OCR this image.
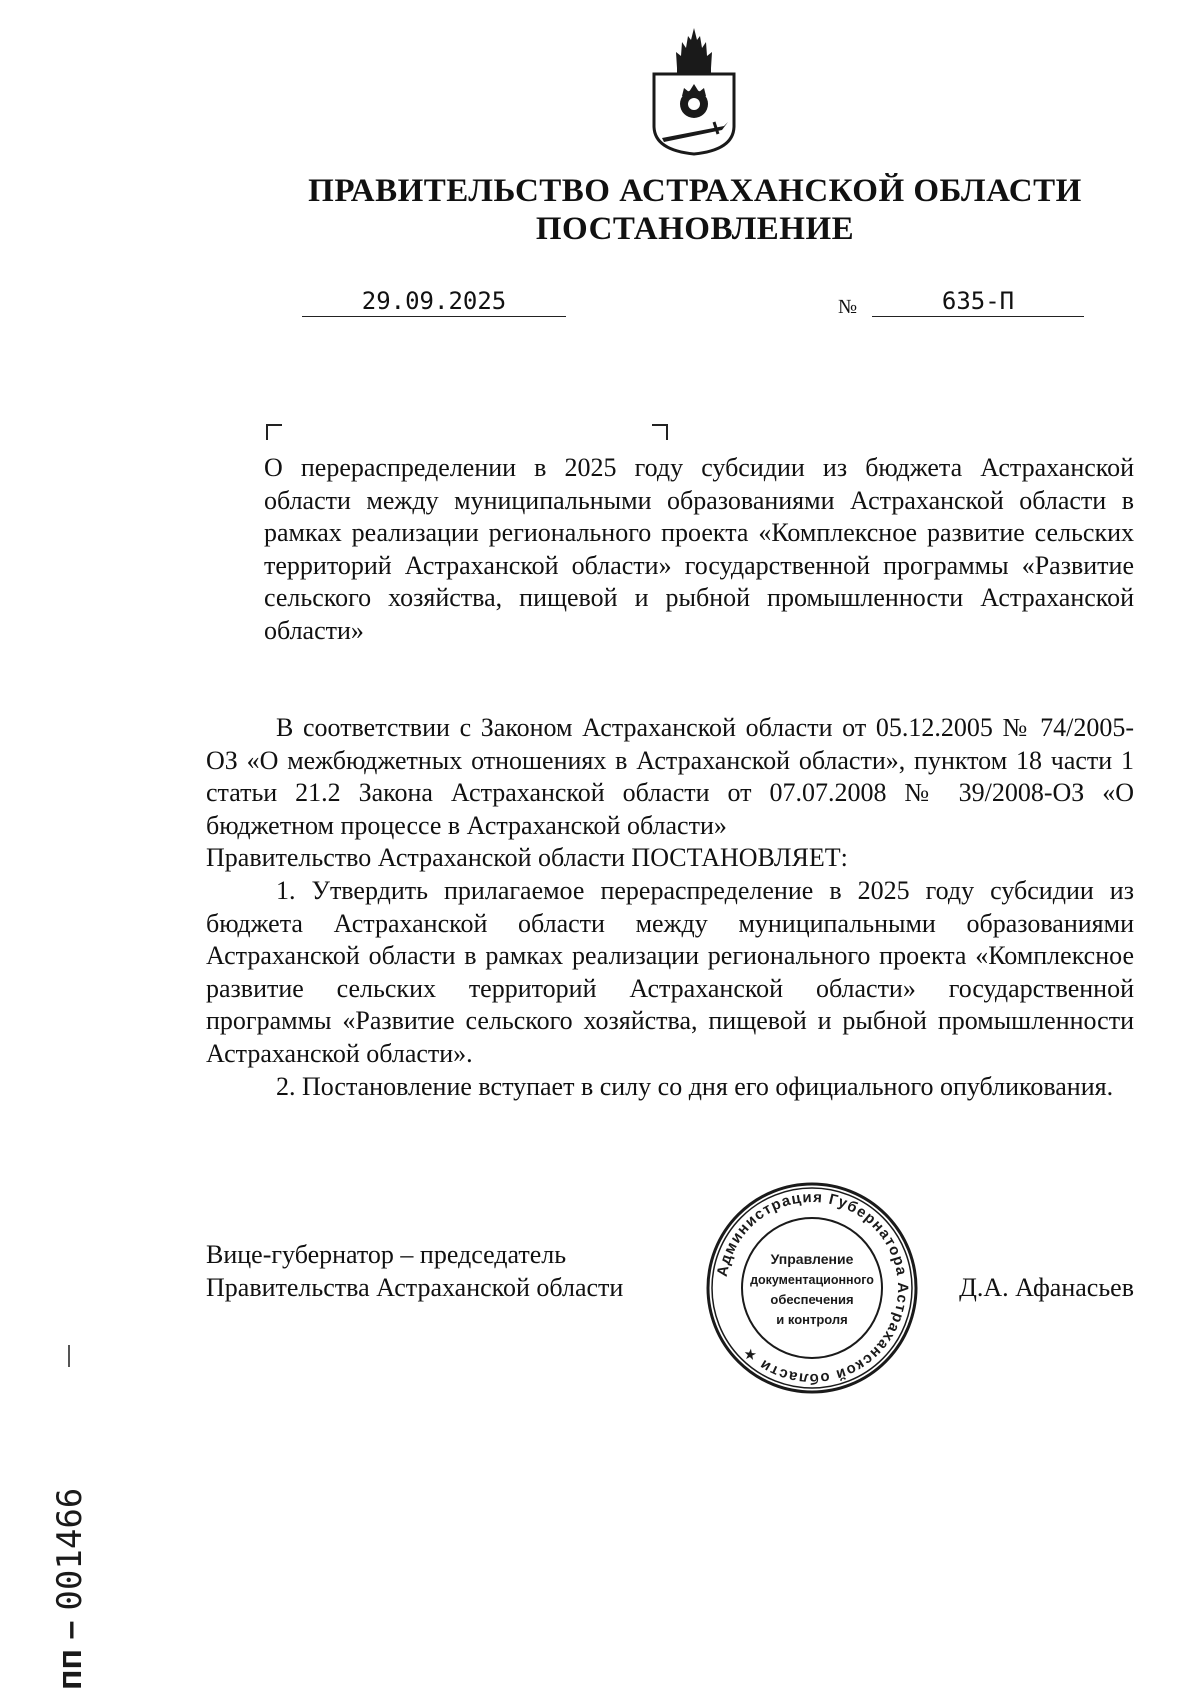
ПРАВИТЕЛЬСТВО АСТРАХАНСКОЙ ОБЛАСТИ
ПОСТАНОВЛЕНИЕ
29.09.2025	№	635-П
О перераспределении в 2025 году субсидии из бюджета Астраханской области между муниципальными образованиями Астраханской области в рамках реализации регионального проекта «Комплексное развитие сельских территорий Астраханской области» государственной программы «Развитие сельского хозяйства, пищевой и рыбной промышленности Астраханской области»

В соответствии с Законом Астраханской области от 05.12.2005 № 74/2005-ОЗ «О межбюджетных отношениях в Астраханской области», пунктом 18 части 1 статьи 21.2 Закона Астраханской области от 07.07.2008 № 39/2008-ОЗ «О бюджетном процессе в Астраханской области»

Правительство Астраханской области ПОСТАНОВЛЯЕТ:

1. Утвердить прилагаемое перераспределение в 2025 году субсидии из бюджета Астраханской области между муниципальными образованиями Астраханской области в рамках реализации регионального проекта «Комплексное развитие сельских территорий Астраханской области» государственной программы «Развитие сельского хозяйства, пищевой и рыбной промышленности Астраханской области».

2. Постановление вступает в силу со дня его официального опубликования.

Вице-губернатор – председатель
Правительства Астраханской области
Администрация Губернатора Астраханской области ★
Управление
документационного
обеспечения
и контроля
Д.А. Афанасьев
пп –001466
